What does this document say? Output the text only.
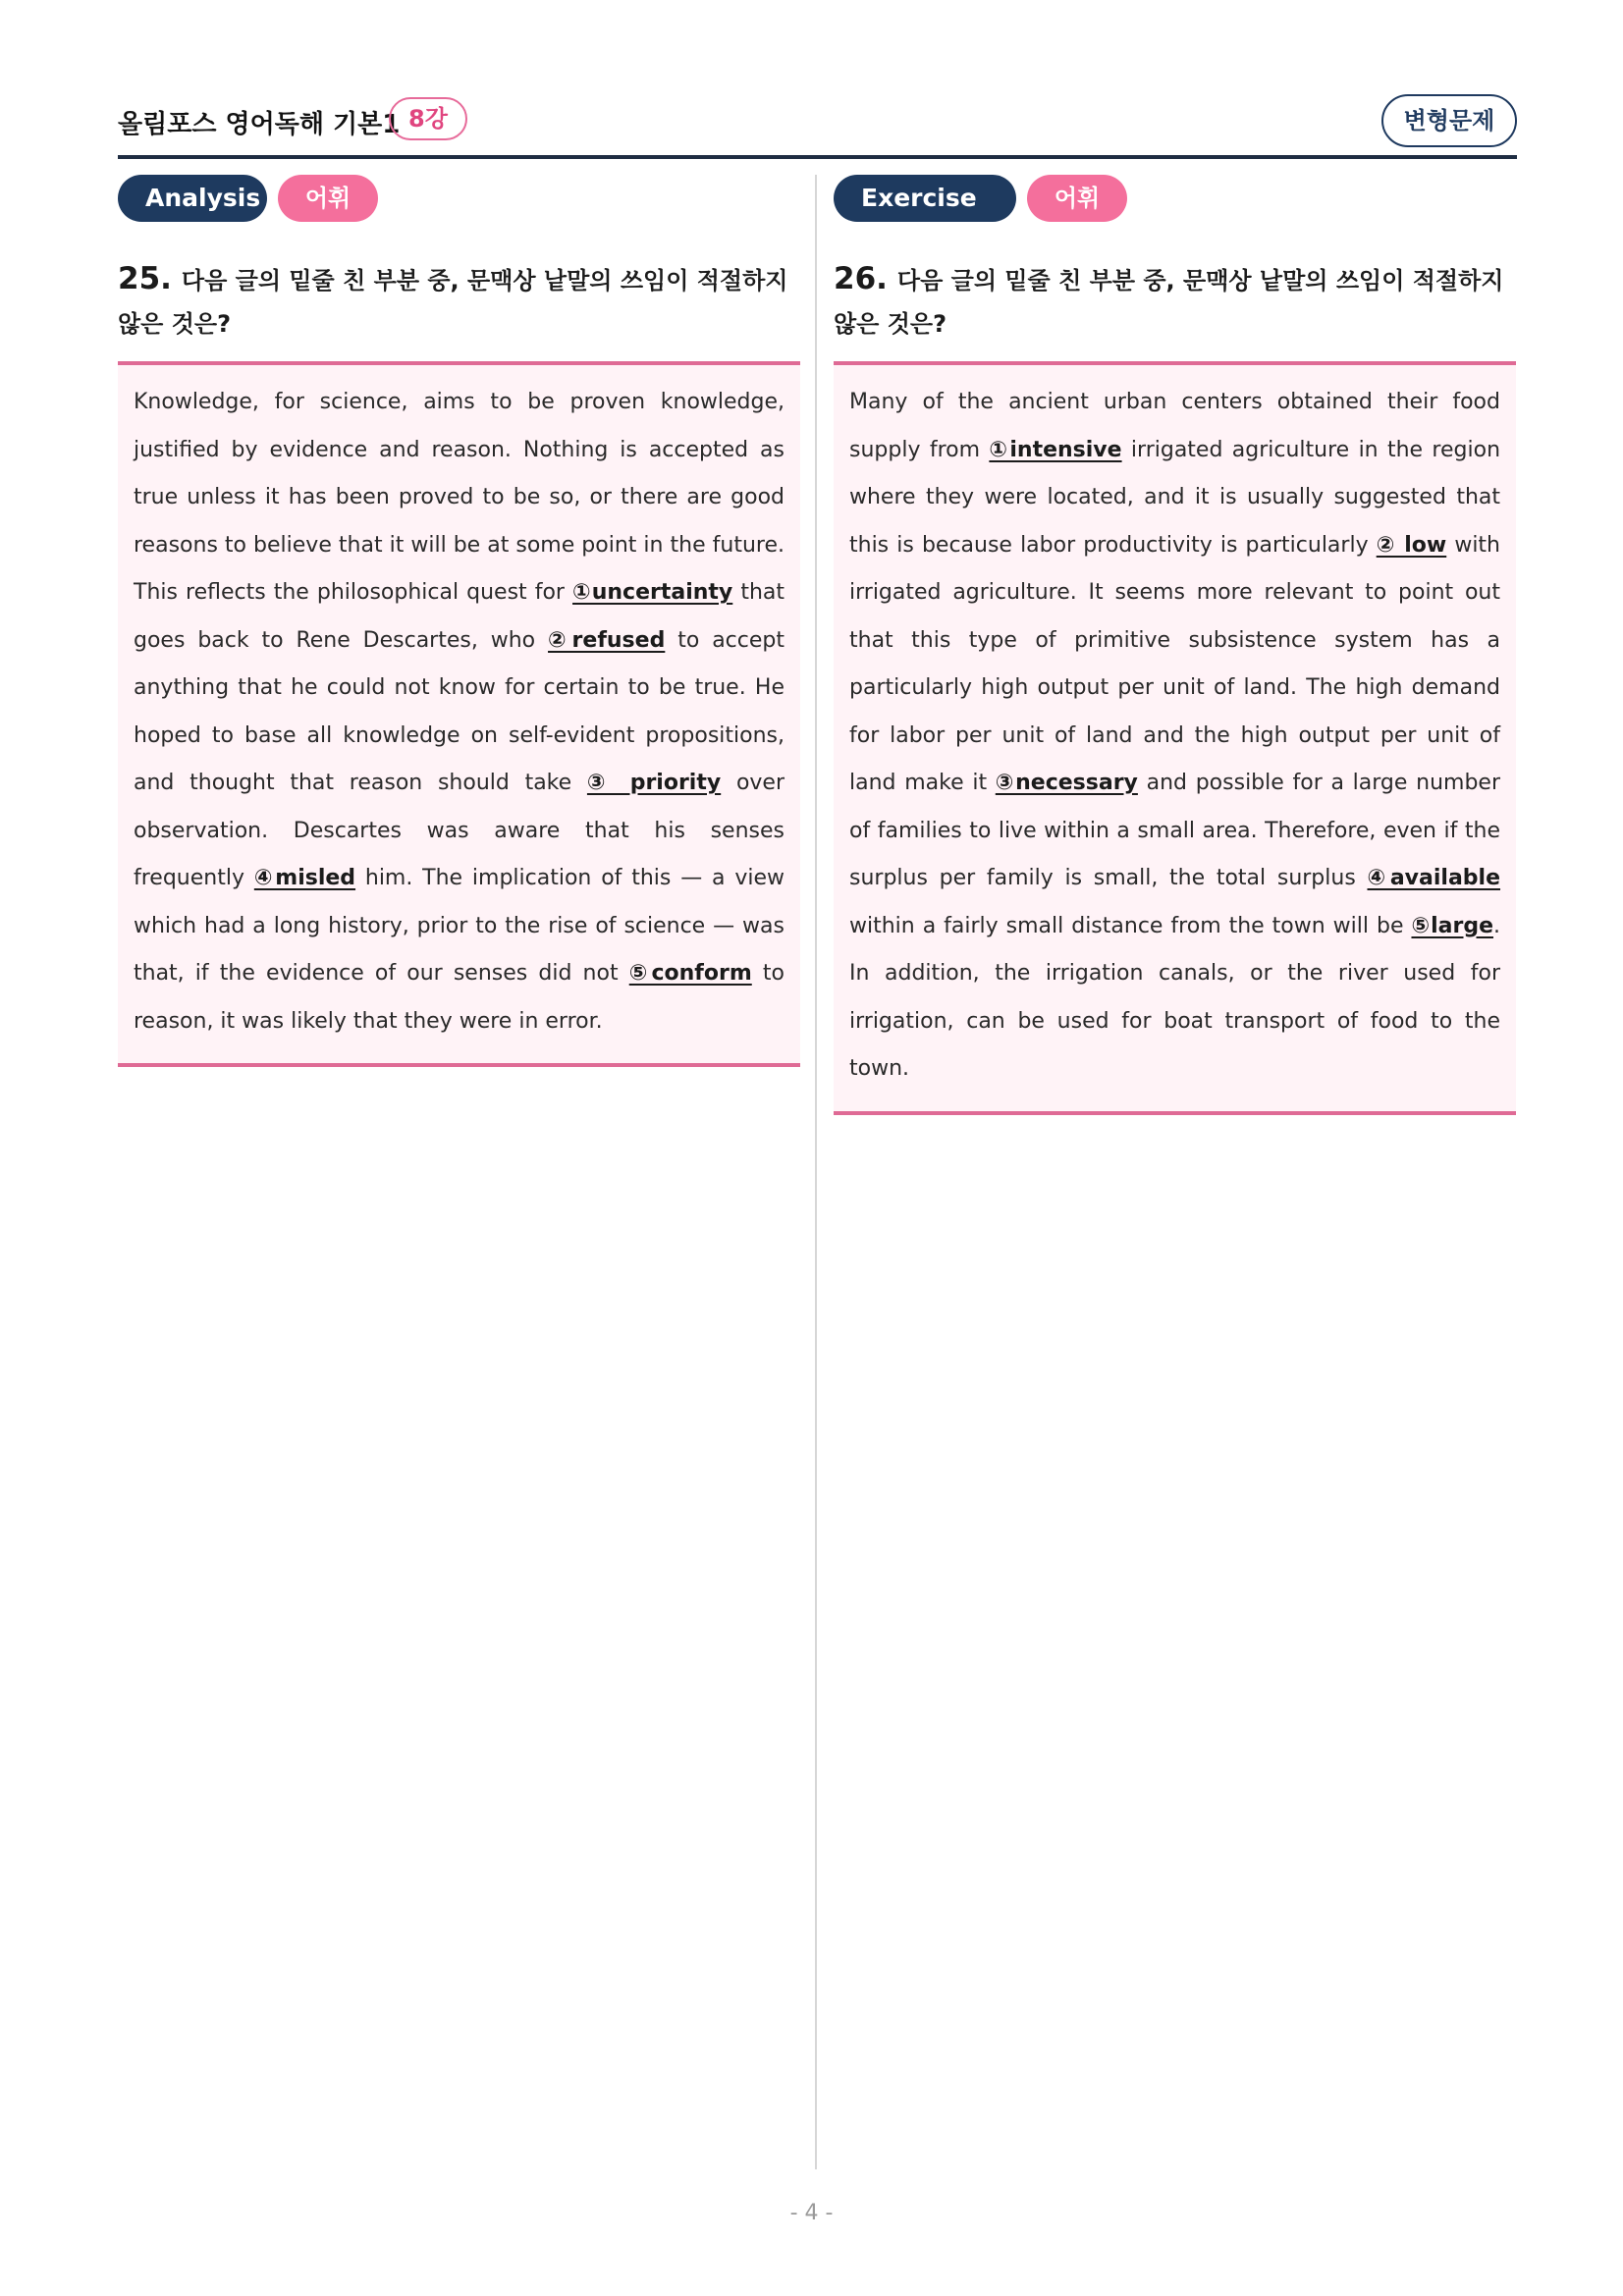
올림포스 영어독해 기본1 8강	변형문제
Analysis	어휘
25. 다음 글의 밑줄 친 부분 중, 문맥상 낱말의 쓰임이 적절하지 않은 것은?

Knowledge, for science, aims to be proven knowledge, justified by evidence and reason. Nothing is accepted as true unless it has been proved to be so, or there are good reasons to believe that it will be at some point in the future. This reflects the philosophical quest for ①uncertainty that goes back to Rene Descartes, who ②refused to accept anything that he could not know for certain to be true. He hoped to base all knowledge on self-evident propositions, and thought that reason should take ③ priority over observation. Descartes was aware that his senses frequently ④misled him. The implication of this — a view which had a long history, prior to the rise of science — was that, if the evidence of our senses did not ⑤conform to reason, it was likely that they were in error.

Exercise 01
어휘
26. 다음 글의 밑줄 친 부분 중, 문맥상 낱말의 쓰임이 적절하지 않은 것은?

Many of the ancient urban centers obtained their food supply from ①intensive irrigated agriculture in the region where they were located, and it is usually suggested that this is because labor productivity is particularly ② low with irrigated agriculture. It seems more relevant to point out that this type of primitive subsistence system has a particularly high output per unit of land. The high demand for labor per unit of land and the high output per unit of land make it ③necessary and possible for a large number of families to live within a small area. Therefore, even if the surplus per family is small, the total surplus ④available within a fairly small distance from the town will be ⑤large. In addition, the irrigation canals, or the river used for irrigation, can be used for boat transport of food to the town.

- 4 -
